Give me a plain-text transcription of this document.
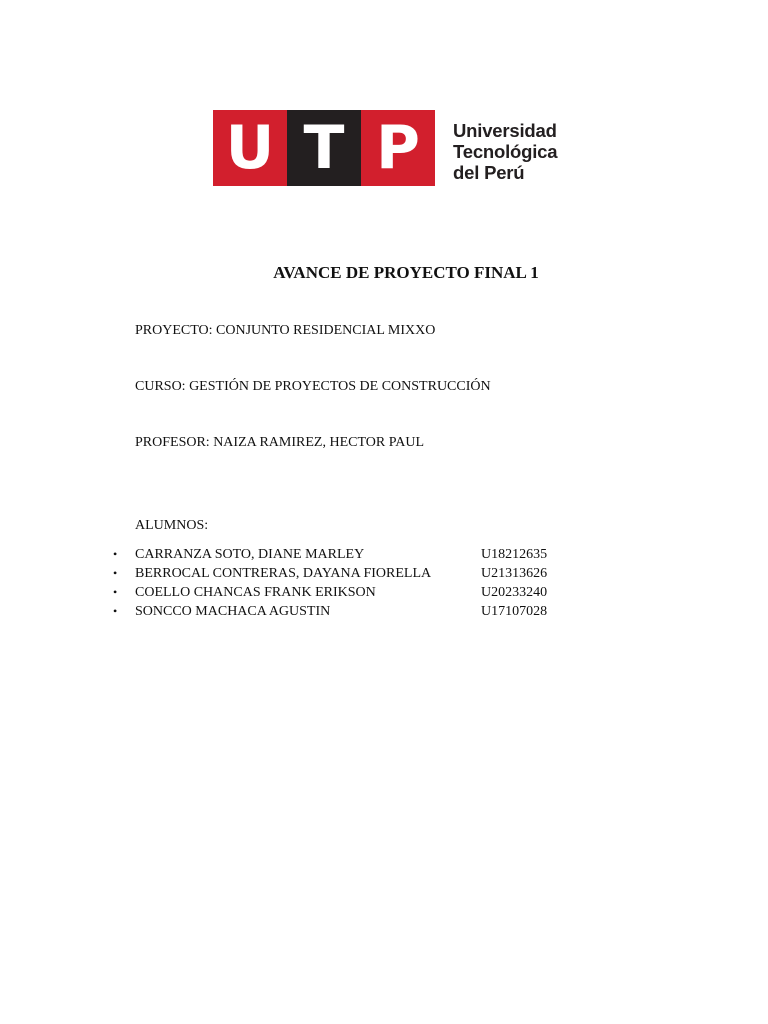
U T P	Universidad
Tecnológica
del Perú
AVANCE DE PROYECTO FINAL 1
PROYECTO: CONJUNTO RESIDENCIAL MIXXO
CURSO: GESTIÓN DE PROYECTOS DE CONSTRUCCIÓN
PROFESOR: NAIZA RAMIREZ, HECTOR PAUL
ALUMNOS:
• CARRANZA SOTO, DIANE MARLEY	U18212635
• BERROCAL CONTRERAS, DAYANA FIORELLA	U21313626
• COELLO CHANCAS FRANK ERIKSON	U20233240
• SONCCO MACHACA AGUSTIN	U17107028
